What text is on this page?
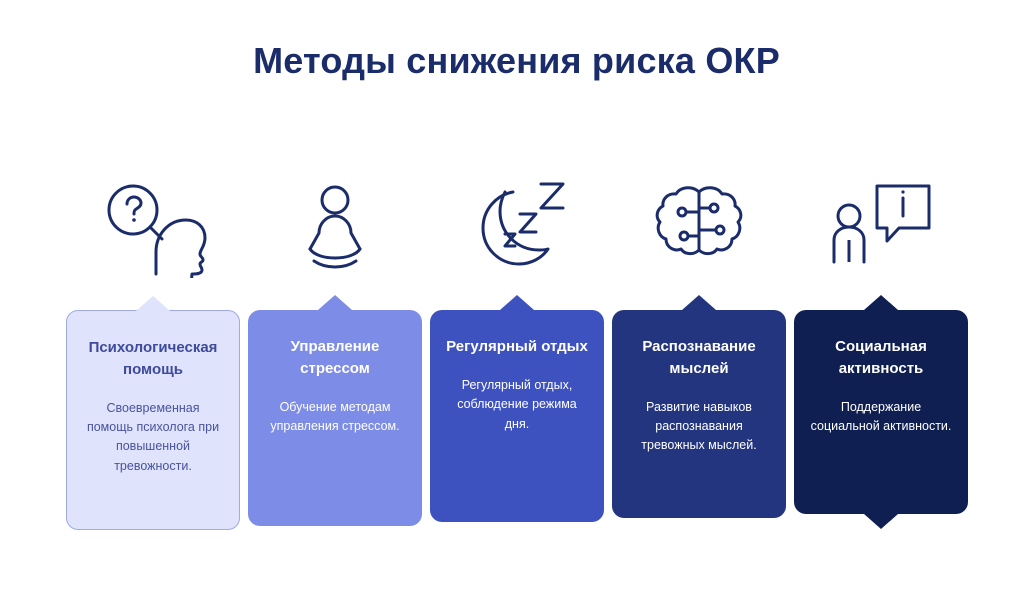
Методы снижения риска ОКР
Психологическая помощь
Своевременная помощь психолога при повышенной тревожности.
Управление стрессом
Обучение методам управления стрессом.
Регулярный отдых
Регулярный отдых, соблюдение режима дня.
Распознавание мыслей
Развитие навыков распознавания тревожных мыслей.
Социальная активность
Поддержание социальной активности.
